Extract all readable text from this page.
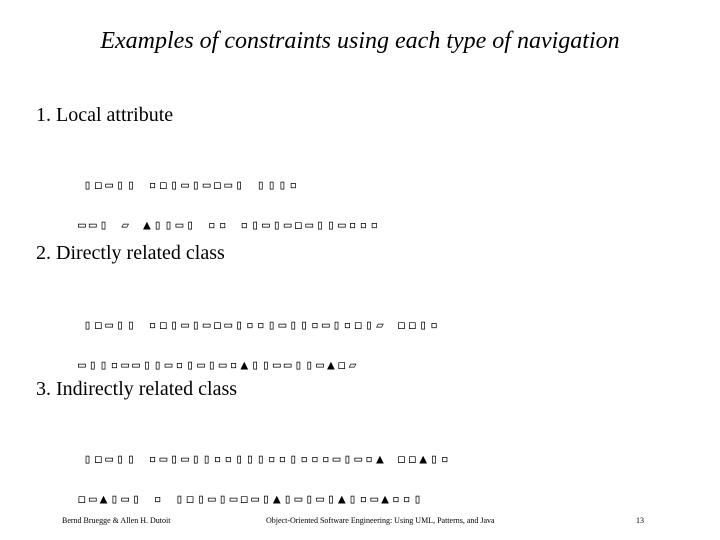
Examples of constraints using each type of navigation
1. Local attribute

▯◻▭▯▯ ▫◻▯▭▯▭◻▭▯ ▯▯▯▫

▭▭▯ ▱ ▲▯▯▭▯ ▫▫ ▫▯▭▯▭◻▭▯▯▭▫▫▫

2. Directly related class

▯◻▭▯▯ ▫◻▯▭▯▭◻▭▯▫▫▯▭▯▯▫▭▯▫◻▯▱ ◻◻▯▫

▭▯▯▫▭▭▯▯▭▫▯▭▯▭▫▲▯▯▭▭▯▯▭▲◻▱

3. Indirectly related class

▯◻▭▯▯ ▫▭▯▭▯▯▫▫▯▯▯▫▫▯▫▫▫▭▯▭▫▲ ◻◻▲▯▫

◻▭▲▯▭▯ ▫ ▯◻▯▭▯▭◻▭▯▲▯▭▯▭▯▲▯▫▭▲▫▫▯

Bernd Bruegge & Allen H. Dutoit	Object-Oriented Software Engineering: Using UML, Patterns, and Java	13
